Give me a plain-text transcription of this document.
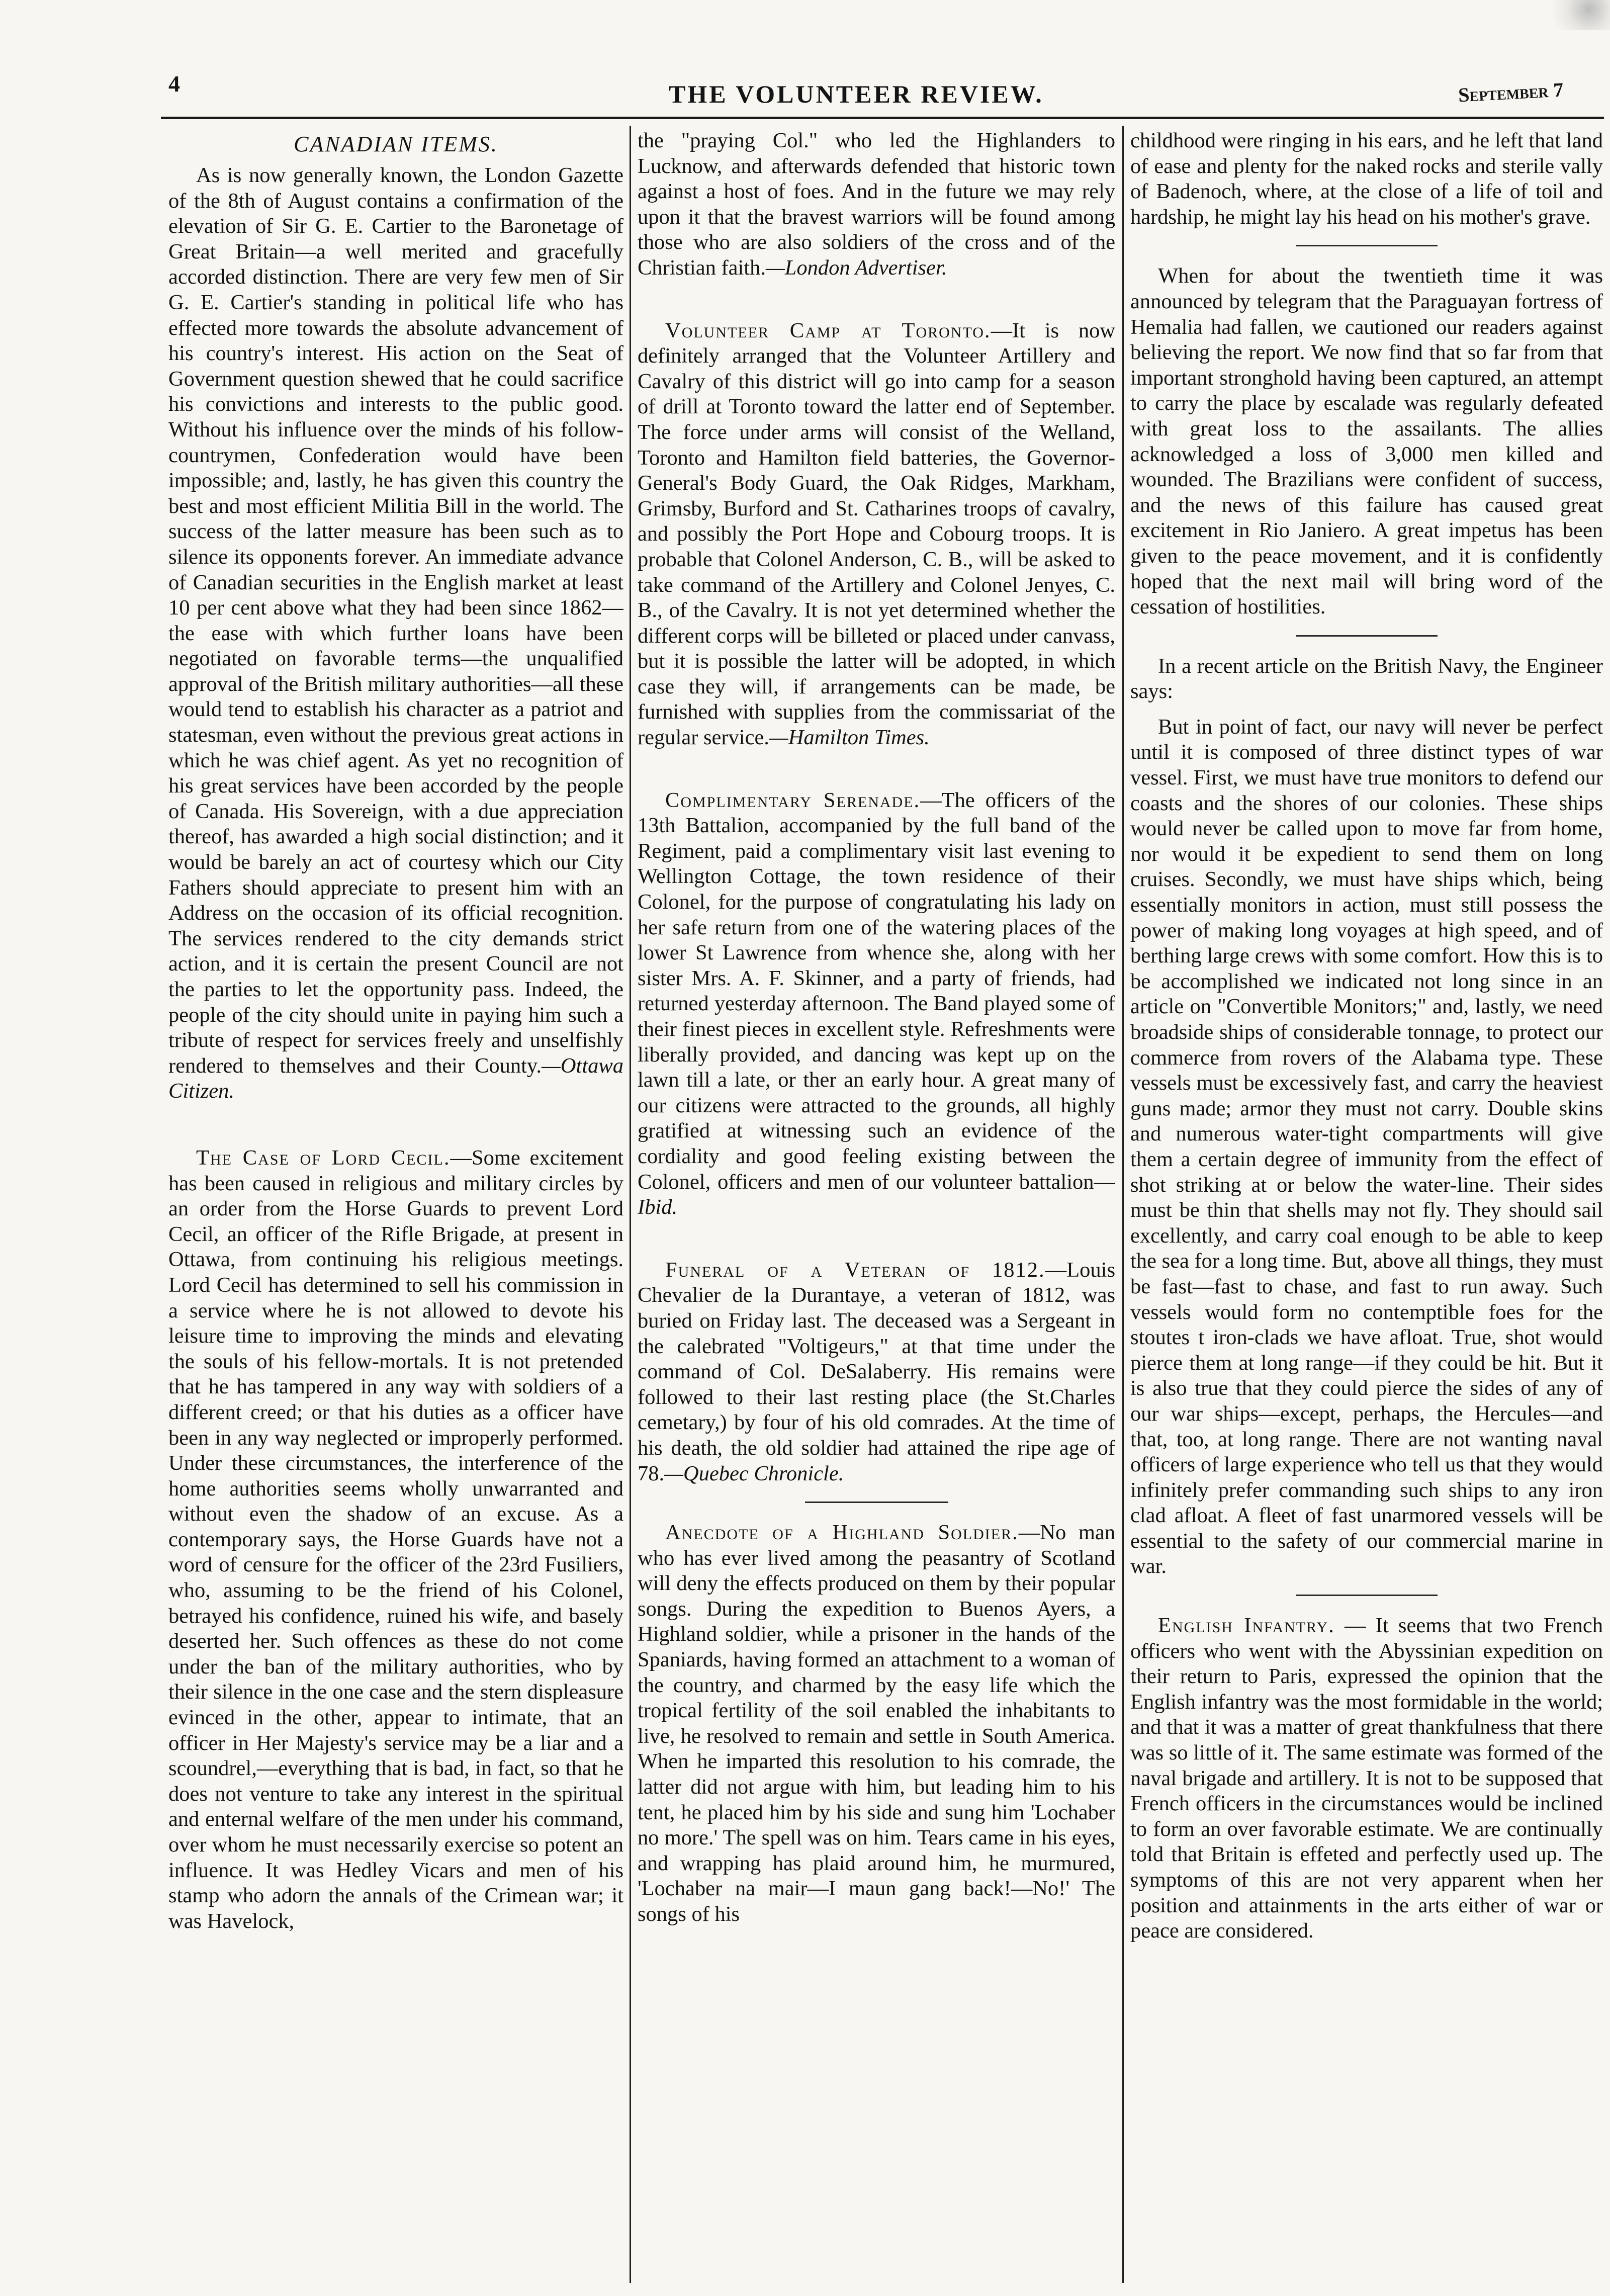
4	THE VOLUNTEER REVIEW.	September 7
CANADIAN ITEMS.

As is now generally known, the London Gazette of the 8th of August contains a confirmation of the elevation of Sir G. E. Cartier to the Baronetage of Great Britain—a well merited and gracefully accorded distinction. There are very few men of Sir G. E. Cartier's standing in political life who has effected more towards the absolute advancement of his country's interest. His action on the Seat of Government question shewed that he could sacrifice his convictions and interests to the public good. Without his influence over the minds of his follow-countrymen, Confederation would have been impossible; and, lastly, he has given this country the best and most efficient Militia Bill in the world. The success of the latter measure has been such as to silence its opponents forever. An immediate advance of Canadian securities in the English market at least 10 per cent above what they had been since 1862—the ease with which further loans have been negotiated on favorable terms—the unqualified approval of the British military authorities—all these would tend to establish his character as a patriot and statesman, even without the previous great actions in which he was chief agent. As yet no recognition of his great services have been accorded by the people of Canada. His Sovereign, with a due appreciation thereof, has awarded a high social distinction; and it would be barely an act of courtesy which our City Fathers should appreciate to present him with an Address on the occasion of its official recognition. The services rendered to the city demands strict action, and it is certain the present Council are not the parties to let the opportunity pass. Indeed, the people of the city should unite in paying him such a tribute of respect for services freely and unselfishly rendered to themselves and their County.—Ottawa Citizen.

The Case of Lord Cecil.—Some excitement has been caused in religious and military circles by an order from the Horse Guards to prevent Lord Cecil, an officer of the Rifle Brigade, at present in Ottawa, from continuing his religious meetings. Lord Cecil has determined to sell his commission in a service where he is not allowed to devote his leisure time to improving the minds and elevating the souls of his fellow-mortals. It is not pretended that he has tampered in any way with soldiers of a different creed; or that his duties as a officer have been in any way neglected or improperly performed. Under these circumstances, the interference of the home authorities seems wholly unwarranted and without even the shadow of an excuse. As a contemporary says, the Horse Guards have not a word of censure for the officer of the 23rd Fusiliers, who, assuming to be the friend of his Colonel, betrayed his confidence, ruined his wife, and basely deserted her. Such offences as these do not come under the ban of the military authorities, who by their silence in the one case and the stern displeasure evinced in the other, appear to intimate, that an officer in Her Majesty's service may be a liar and a scoundrel,—everything that is bad, in fact, so that he does not venture to take any interest in the spiritual and enternal welfare of the men under his command, over whom he must necessarily exercise so potent an influence. It was Hedley Vicars and men of his stamp who adorn the annals of the Crimean war; it was Havelock,

the "praying Col." who led the Highlanders to Lucknow, and afterwards defended that historic town against a host of foes. And in the future we may rely upon it that the bravest warriors will be found among those who are also soldiers of the cross and of the Christian faith.—London Advertiser.

Volunteer Camp at Toronto.—It is now definitely arranged that the Volunteer Artillery and Cavalry of this district will go into camp for a season of drill at Toronto toward the latter end of September. The force under arms will consist of the Welland, Toronto and Hamilton field batteries, the Governor-General's Body Guard, the Oak Ridges, Markham, Grimsby, Burford and St. Catharines troops of cavalry, and possibly the Port Hope and Cobourg troops. It is probable that Colonel Anderson, C. B., will be asked to take command of the Artillery and Colonel Jenyes, C. B., of the Cavalry. It is not yet determined whether the different corps will be billeted or placed under canvass, but it is possible the latter will be adopted, in which case they will, if arrangements can be made, be furnished with supplies from the commissariat of the regular service.—Hamilton Times.

Complimentary Serenade.—The officers of the 13th Battalion, accompanied by the full band of the Regiment, paid a complimentary visit last evening to Wellington Cottage, the town residence of their Colonel, for the purpose of congratulating his lady on her safe return from one of the watering places of the lower St Lawrence from whence she, along with her sister Mrs. A. F. Skinner, and a party of friends, had returned yesterday afternoon. The Band played some of their finest pieces in excellent style. Refreshments were liberally provided, and dancing was kept up on the lawn till a late, or ther an early hour. A great many of our citizens were attracted to the grounds, all highly gratified at witnessing such an evidence of the cordiality and good feeling existing between the Colonel, officers and men of our volunteer battalion—Ibid.

Funeral of a Veteran of 1812.—Louis Chevalier de la Durantaye, a veteran of 1812, was buried on Friday last. The deceased was a Sergeant in the calebrated "Voltigeurs," at that time under the command of Col. DeSalaberry. His remains were followed to their last resting place (the St.Charles cemetary,) by four of his old comrades. At the time of his death, the old soldier had attained the ripe age of 78.—Quebec Chronicle.

Anecdote of a Highland Soldier.—No man who has ever lived among the peasantry of Scotland will deny the effects produced on them by their popular songs. During the expedition to Buenos Ayers, a Highland soldier, while a prisoner in the hands of the Spaniards, having formed an attachment to a woman of the country, and charmed by the easy life which the tropical fertility of the soil enabled the inhabitants to live, he resolved to remain and settle in South America. When he imparted this resolution to his comrade, the latter did not argue with him, but leading him to his tent, he placed him by his side and sung him 'Lochaber no more.' The spell was on him. Tears came in his eyes, and wrapping has plaid around him, he murmured, 'Lochaber na mair—I maun gang back!—No!' The songs of his

childhood were ringing in his ears, and he left that land of ease and plenty for the naked rocks and sterile vally of Badenoch, where, at the close of a life of toil and hardship, he might lay his head on his mother's grave.

When for about the twentieth time it was announced by telegram that the Paraguayan fortress of Hemalia had fallen, we cautioned our readers against believing the report. We now find that so far from that important stronghold having been captured, an attempt to carry the place by escalade was regularly defeated with great loss to the assailants. The allies acknowledged a loss of 3,000 men killed and wounded. The Brazilians were confident of success, and the news of this failure has caused great excitement in Rio Janiero. A great impetus has been given to the peace movement, and it is confidently hoped that the next mail will bring word of the cessation of hostilities.

In a recent article on the British Navy, the Engineer says:

But in point of fact, our navy will never be perfect until it is composed of three distinct types of war vessel. First, we must have true monitors to defend our coasts and the shores of our colonies. These ships would never be called upon to move far from home, nor would it be expedient to send them on long cruises. Secondly, we must have ships which, being essentially monitors in action, must still possess the power of making long voyages at high speed, and of berthing large crews with some comfort. How this is to be accomplished we indicated not long since in an article on "Convertible Monitors;" and, lastly, we need broadside ships of considerable tonnage, to protect our commerce from rovers of the Alabama type. These vessels must be excessively fast, and carry the heaviest guns made; armor they must not carry. Double skins and numerous water-tight compartments will give them a certain degree of immunity from the effect of shot striking at or below the water-line. Their sides must be thin that shells may not fly. They should sail excellently, and carry coal enough to be able to keep the sea for a long time. But, above all things, they must be fast—fast to chase, and fast to run away. Such vessels would form no contemptible foes for the stoutes t iron-clads we have afloat. True, shot would pierce them at long range—if they could be hit. But it is also true that they could pierce the sides of any of our war ships—except, perhaps, the Hercules—and that, too, at long range. There are not wanting naval officers of large experience who tell us that they would infinitely prefer commanding such ships to any iron clad afloat. A fleet of fast unarmored vessels will be essential to the safety of our commercial marine in war.

English Infantry. — It seems that two French officers who went with the Abyssinian expedition on their return to Paris, expressed the opinion that the English infantry was the most formidable in the world; and that it was a matter of great thankfulness that there was so little of it. The same estimate was formed of the naval brigade and artillery. It is not to be supposed that French officers in the circumstances would be inclined to form an over favorable estimate. We are continually told that Britain is effeted and perfectly used up. The symptoms of this are not very apparent when her position and attainments in the arts either of war or peace are considered.
